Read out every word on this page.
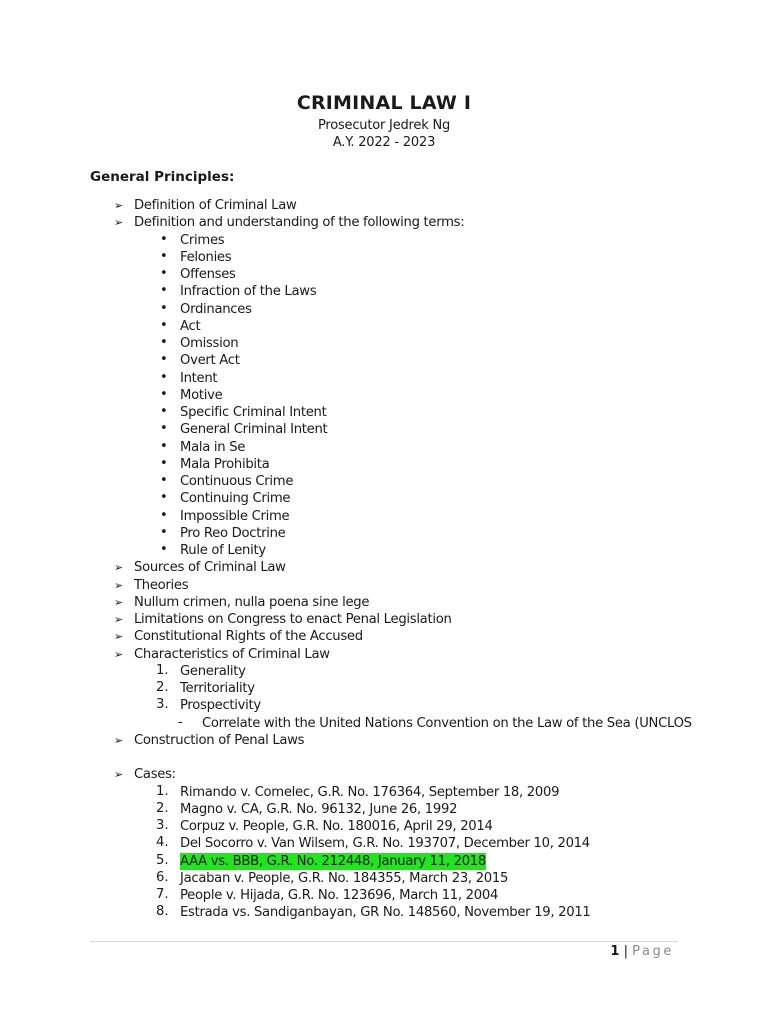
CRIMINAL LAW I
Prosecutor Jedrek Ng
A.Y. 2022 - 2023
General Principles:
➢ Definition of Criminal Law
➢ Definition and understanding of the following terms:
• Crimes
• Felonies
• Offenses
• Infraction of the Laws
• Ordinances
• Act
• Omission
• Overt Act
• Intent
• Motive
• Specific Criminal Intent
• General Criminal Intent
• Mala in Se
• Mala Prohibita
• Continuous Crime
• Continuing Crime
• Impossible Crime
• Pro Reo Doctrine
• Rule of Lenity
➢ Sources of Criminal Law
➢ Theories
➢ Nullum crimen, nulla poena sine lege
➢ Limitations on Congress to enact Penal Legislation
➢ Constitutional Rights of the Accused
➢ Characteristics of Criminal Law
1. Generality
2. Territoriality
3. Prospectivity
- Correlate with the United Nations Convention on the Law of the Sea (UNCLOS
➢ Construction of Penal Laws
➢ Cases:
1. Rimando v. Comelec, G.R. No. 176364, September 18, 2009
2. Magno v. CA, G.R. No. 96132, June 26, 1992
3. Corpuz v. People, G.R. No. 180016, April 29, 2014
4. Del Socorro v. Van Wilsem, G.R. No. 193707, December 10, 2014
5. AAA vs. BBB, G.R. No. 212448, January 11, 2018
6. Jacaban v. People, G.R. No. 184355, March 23, 2015
7. People v. Hijada, G.R. No. 123696, March 11, 2004
8. Estrada vs. Sandiganbayan, GR No. 148560, November 19, 2011
1 | Page
